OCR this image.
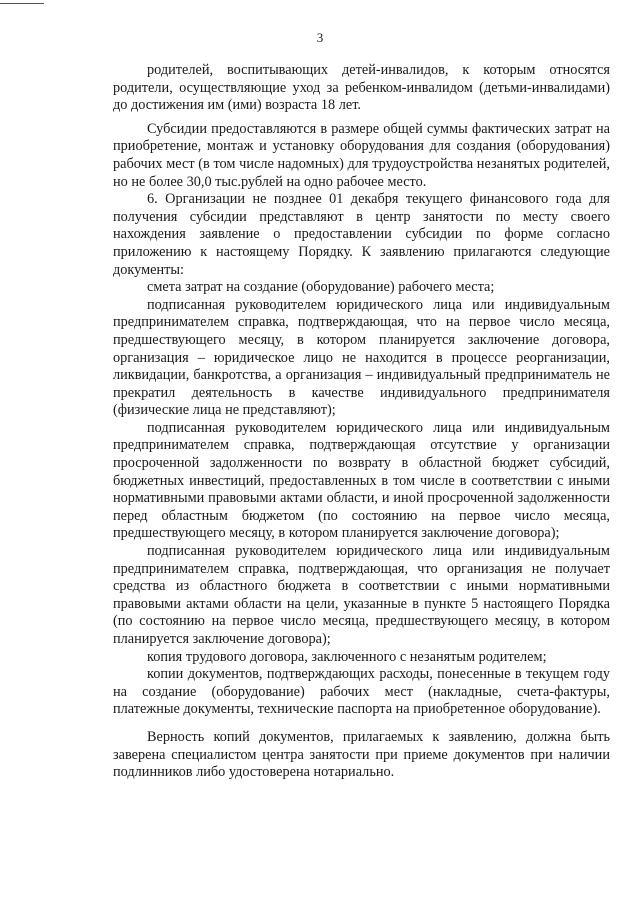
3

родителей, воспитывающих детей-инвалидов, к которым относятся родители, осуществляющие уход за ребенком-инвалидом (детьми-инвалидами) до достижения им (ими) возраста 18 лет.

Субсидии предоставляются в размере общей суммы фактических затрат на приобретение, монтаж и установку оборудования для создания (оборудования) рабочих мест (в том числе надомных) для трудоустройства незанятых родителей, но не более 30,0 тыс.рублей на одно рабочее место.

6. Организации не позднее 01 декабря текущего финансового года для получения субсидии представляют в центр занятости по месту своего нахождения заявление о предоставлении субсидии по форме согласно приложению к настоящему Порядку. К заявлению прилагаются следующие документы:

смета затрат на создание (оборудование) рабочего места;

подписанная руководителем юридического лица или индивидуальным предпринимателем справка, подтверждающая, что на первое число месяца, предшествующего месяцу, в котором планируется заключение договора, организация – юридическое лицо не находится в процессе реорганизации, ликвидации, банкротства, а организация – индивидуальный предприниматель не прекратил деятельность в качестве индивидуального предпринимателя (физические лица не представляют);

подписанная руководителем юридического лица или индивидуальным предпринимателем справка, подтверждающая отсутствие у организации просроченной задолженности по возврату в областной бюджет субсидий, бюджетных инвестиций, предоставленных в том числе в соответствии с иными нормативными правовыми актами области, и иной просроченной задолженности перед областным бюджетом (по состоянию на первое число месяца, предшествующего месяцу, в котором планируется заключение договора);

подписанная руководителем юридического лица или индивидуальным предпринимателем справка, подтверждающая, что организация не получает средства из областного бюджета в соответствии с иными нормативными правовыми актами области на цели, указанные в пункте 5 настоящего Порядка (по состоянию на первое число месяца, предшествующего месяцу, в котором планируется заключение договора);

копия трудового договора, заключенного с незанятым родителем;

копии документов, подтверждающих расходы, понесенные в текущем году на создание (оборудование) рабочих мест (накладные, счета-фактуры, платежные документы, технические паспорта на приобретенное оборудование).

Верность копий документов, прилагаемых к заявлению, должна быть заверена специалистом центра занятости при приеме документов при наличии подлинников либо удостоверена нотариально.
